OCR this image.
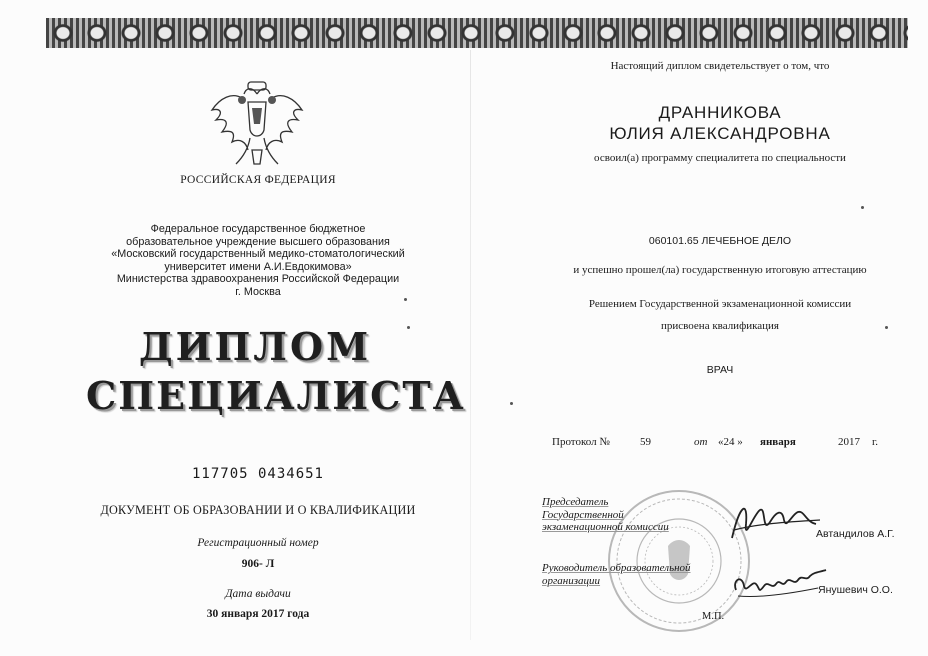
РОССИЙСКАЯ ФЕДЕРАЦИЯ
Федеральное государственное бюджетное
образовательное учреждение высшего образования
«Московский государственный медико-стоматологический
университет имени А.И.Евдокимова»
Министерства здравоохранения Российской Федерации
г. Москва
ДИПЛОМ
СПЕЦИАЛИСТА
117705 0434651
ДОКУМЕНТ ОБ ОБРАЗОВАНИИ И О КВАЛИФИКАЦИИ
Регистрационный номер
906- Л
Дата выдачи
30 января 2017 года
Настоящий диплом свидетельствует о том, что
ДРАННИКОВА
ЮЛИЯ АЛЕКСАНДРОВНА
освоил(а) программу специалитета по специальности
060101.65 ЛЕЧЕБНОЕ ДЕЛО
и успешно прошел(ла) государственную итоговую аттестацию
Решением Государственной экзаменационной комиссии
присвоена квалификация
ВРАЧ
Протокол №	59	от «24 » января	2017 г.
Председатель
Государственной
экзаменационной комиссии
Автандилов А.Г.
Руководитель образовательной
организации
Янушевич О.О.
М.П.
